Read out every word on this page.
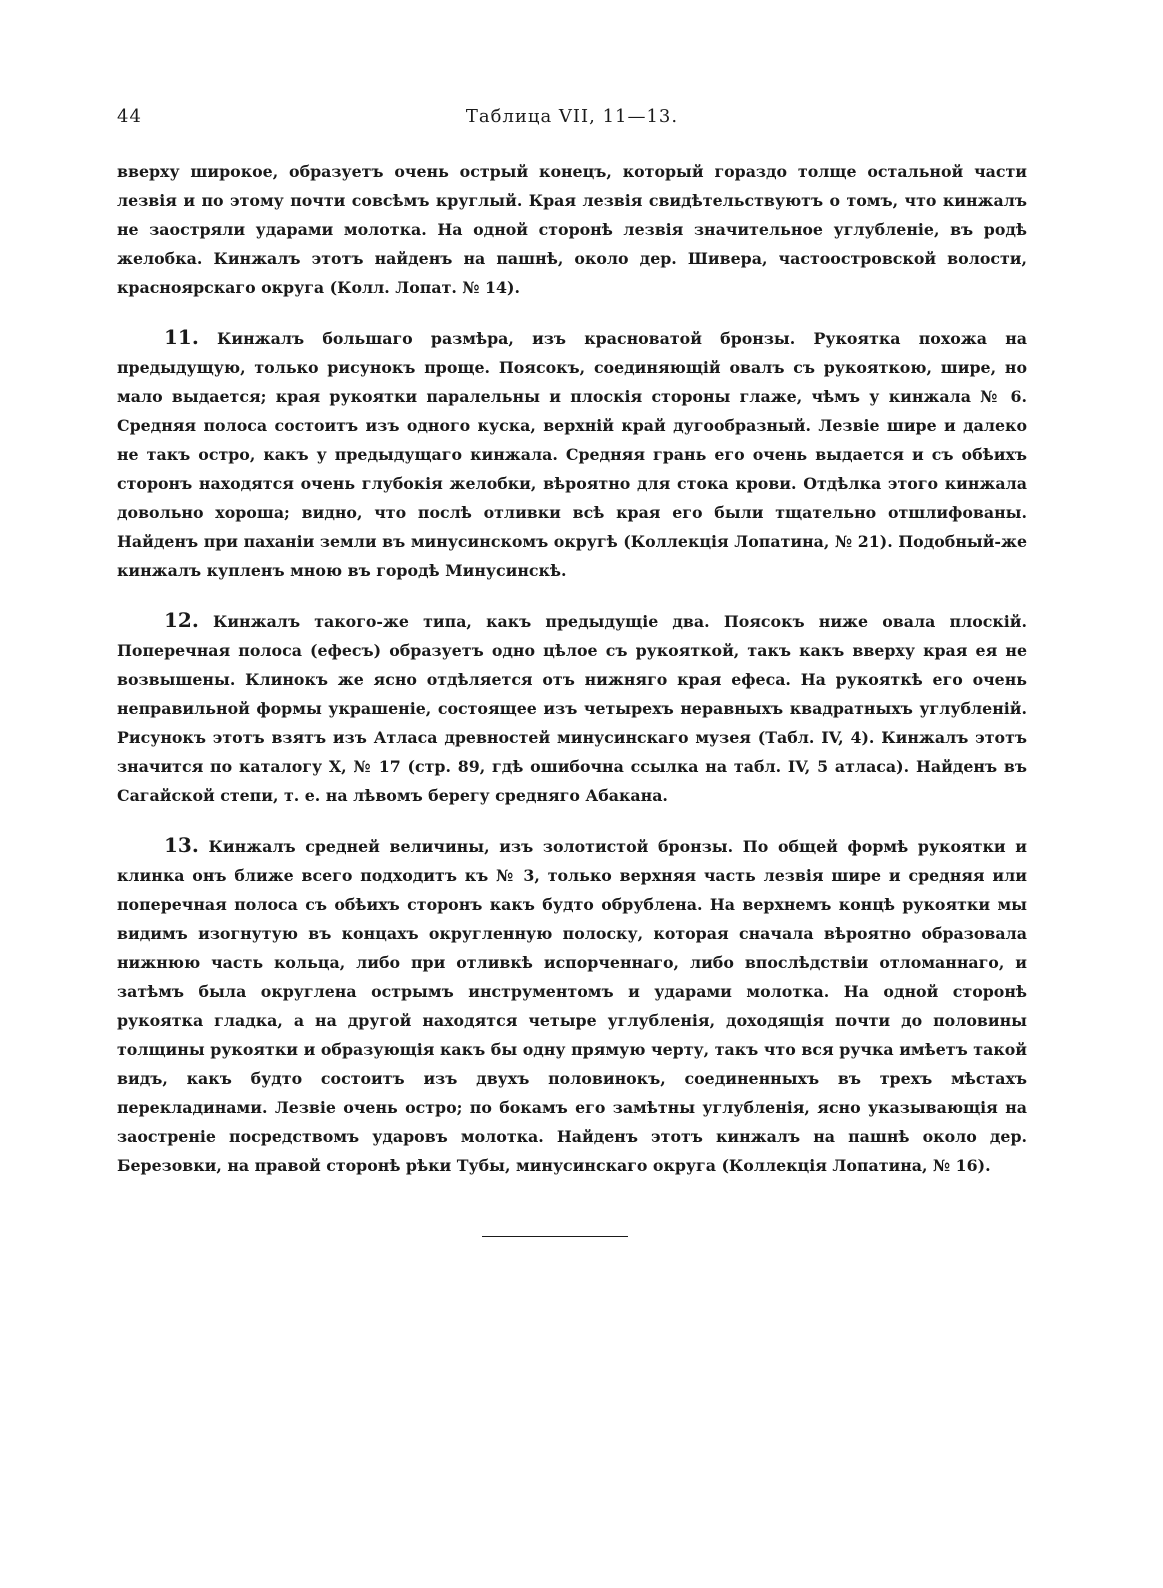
44	Таблица VII, 11—13.

вверху широкое, образуетъ очень острый конецъ, который гораздо толще остальной части лезвія и по этому почти совсѣмъ круглый. Края лезвія свидѣтельствуютъ о томъ, что кинжалъ не заостряли ударами молотка. На одной сторонѣ лезвія значительное углубленіе, въ родѣ желобка. Кинжалъ этотъ найденъ на пашнѣ, около дер. Шивера, частоостровской волости, красноярскаго округа (Колл. Лопат. № 14).

11. Кинжалъ большаго размѣра, изъ красноватой бронзы. Рукоятка похожа на предыдущую, только рисунокъ проще. Поясокъ, соединяющій овалъ съ рукояткою, шире, но мало выдается; края рукоятки паралельны и плоскія стороны глаже, чѣмъ у кинжала № 6. Средняя полоса состоитъ изъ одного куска, верхній край дугообразный. Лезвіе шире и далеко не такъ остро, какъ у предыдущаго кинжала. Средняя грань его очень выдается и съ обѣихъ сторонъ находятся очень глубокія желобки, вѣроятно для стока крови. Отдѣлка этого кинжала довольно хороша; видно, что послѣ отливки всѣ края его были тщательно отшлифованы. Найденъ при паханіи земли въ минусинскомъ округѣ (Коллекція Лопатина, № 21). Подобный-же кинжалъ купленъ мною въ городѣ Минусинскѣ.

12. Кинжалъ такого-же типа, какъ предыдущіе два. Поясокъ ниже овала плоскій. Поперечная полоса (ефесъ) образуетъ одно цѣлое съ рукояткой, такъ какъ вверху края ея не возвышены. Клинокъ же ясно отдѣляется отъ нижняго края ефеса. На рукояткѣ его очень неправильной формы украшеніе, состоящее изъ четырехъ неравныхъ квадратныхъ углубленій. Рисунокъ этотъ взятъ изъ Атласа древностей минусинскаго музея (Табл. IV, 4). Кинжалъ этотъ значится по каталогу X, № 17 (стр. 89, гдѣ ошибочна ссылка на табл. IV, 5 атласа). Найденъ въ Сагайской степи, т. е. на лѣвомъ берегу средняго Абакана.

13. Кинжалъ средней величины, изъ золотистой бронзы. По общей формѣ рукоятки и клинка онъ ближе всего подходитъ къ № 3, только верхняя часть лезвія шире и средняя или поперечная полоса съ обѣихъ сторонъ какъ будто обрублена. На верхнемъ концѣ рукоятки мы видимъ изогнутую въ концахъ округленную полоску, которая сначала вѣроятно образовала нижнюю часть кольца, либо при отливкѣ испорченнаго, либо впослѣдствіи отломаннаго, и затѣмъ была округлена острымъ инструментомъ и ударами молотка. На одной сторонѣ рукоятка гладка, а на другой находятся четыре углубленія, доходящія почти до половины толщины рукоятки и образующія какъ бы одну прямую черту, такъ что вся ручка имѣетъ такой видъ, какъ будто состоитъ изъ двухъ половинокъ, соединенныхъ въ трехъ мѣстахъ перекладинами. Лезвіе очень остро; по бокамъ его замѣтны углубленія, ясно указывающія на заостреніе посредствомъ ударовъ молотка. Найденъ этотъ кинжалъ на пашнѣ около дер. Березовки, на правой сторонѣ рѣки Тубы, минусинскаго округа (Коллекція Лопатина, № 16).
